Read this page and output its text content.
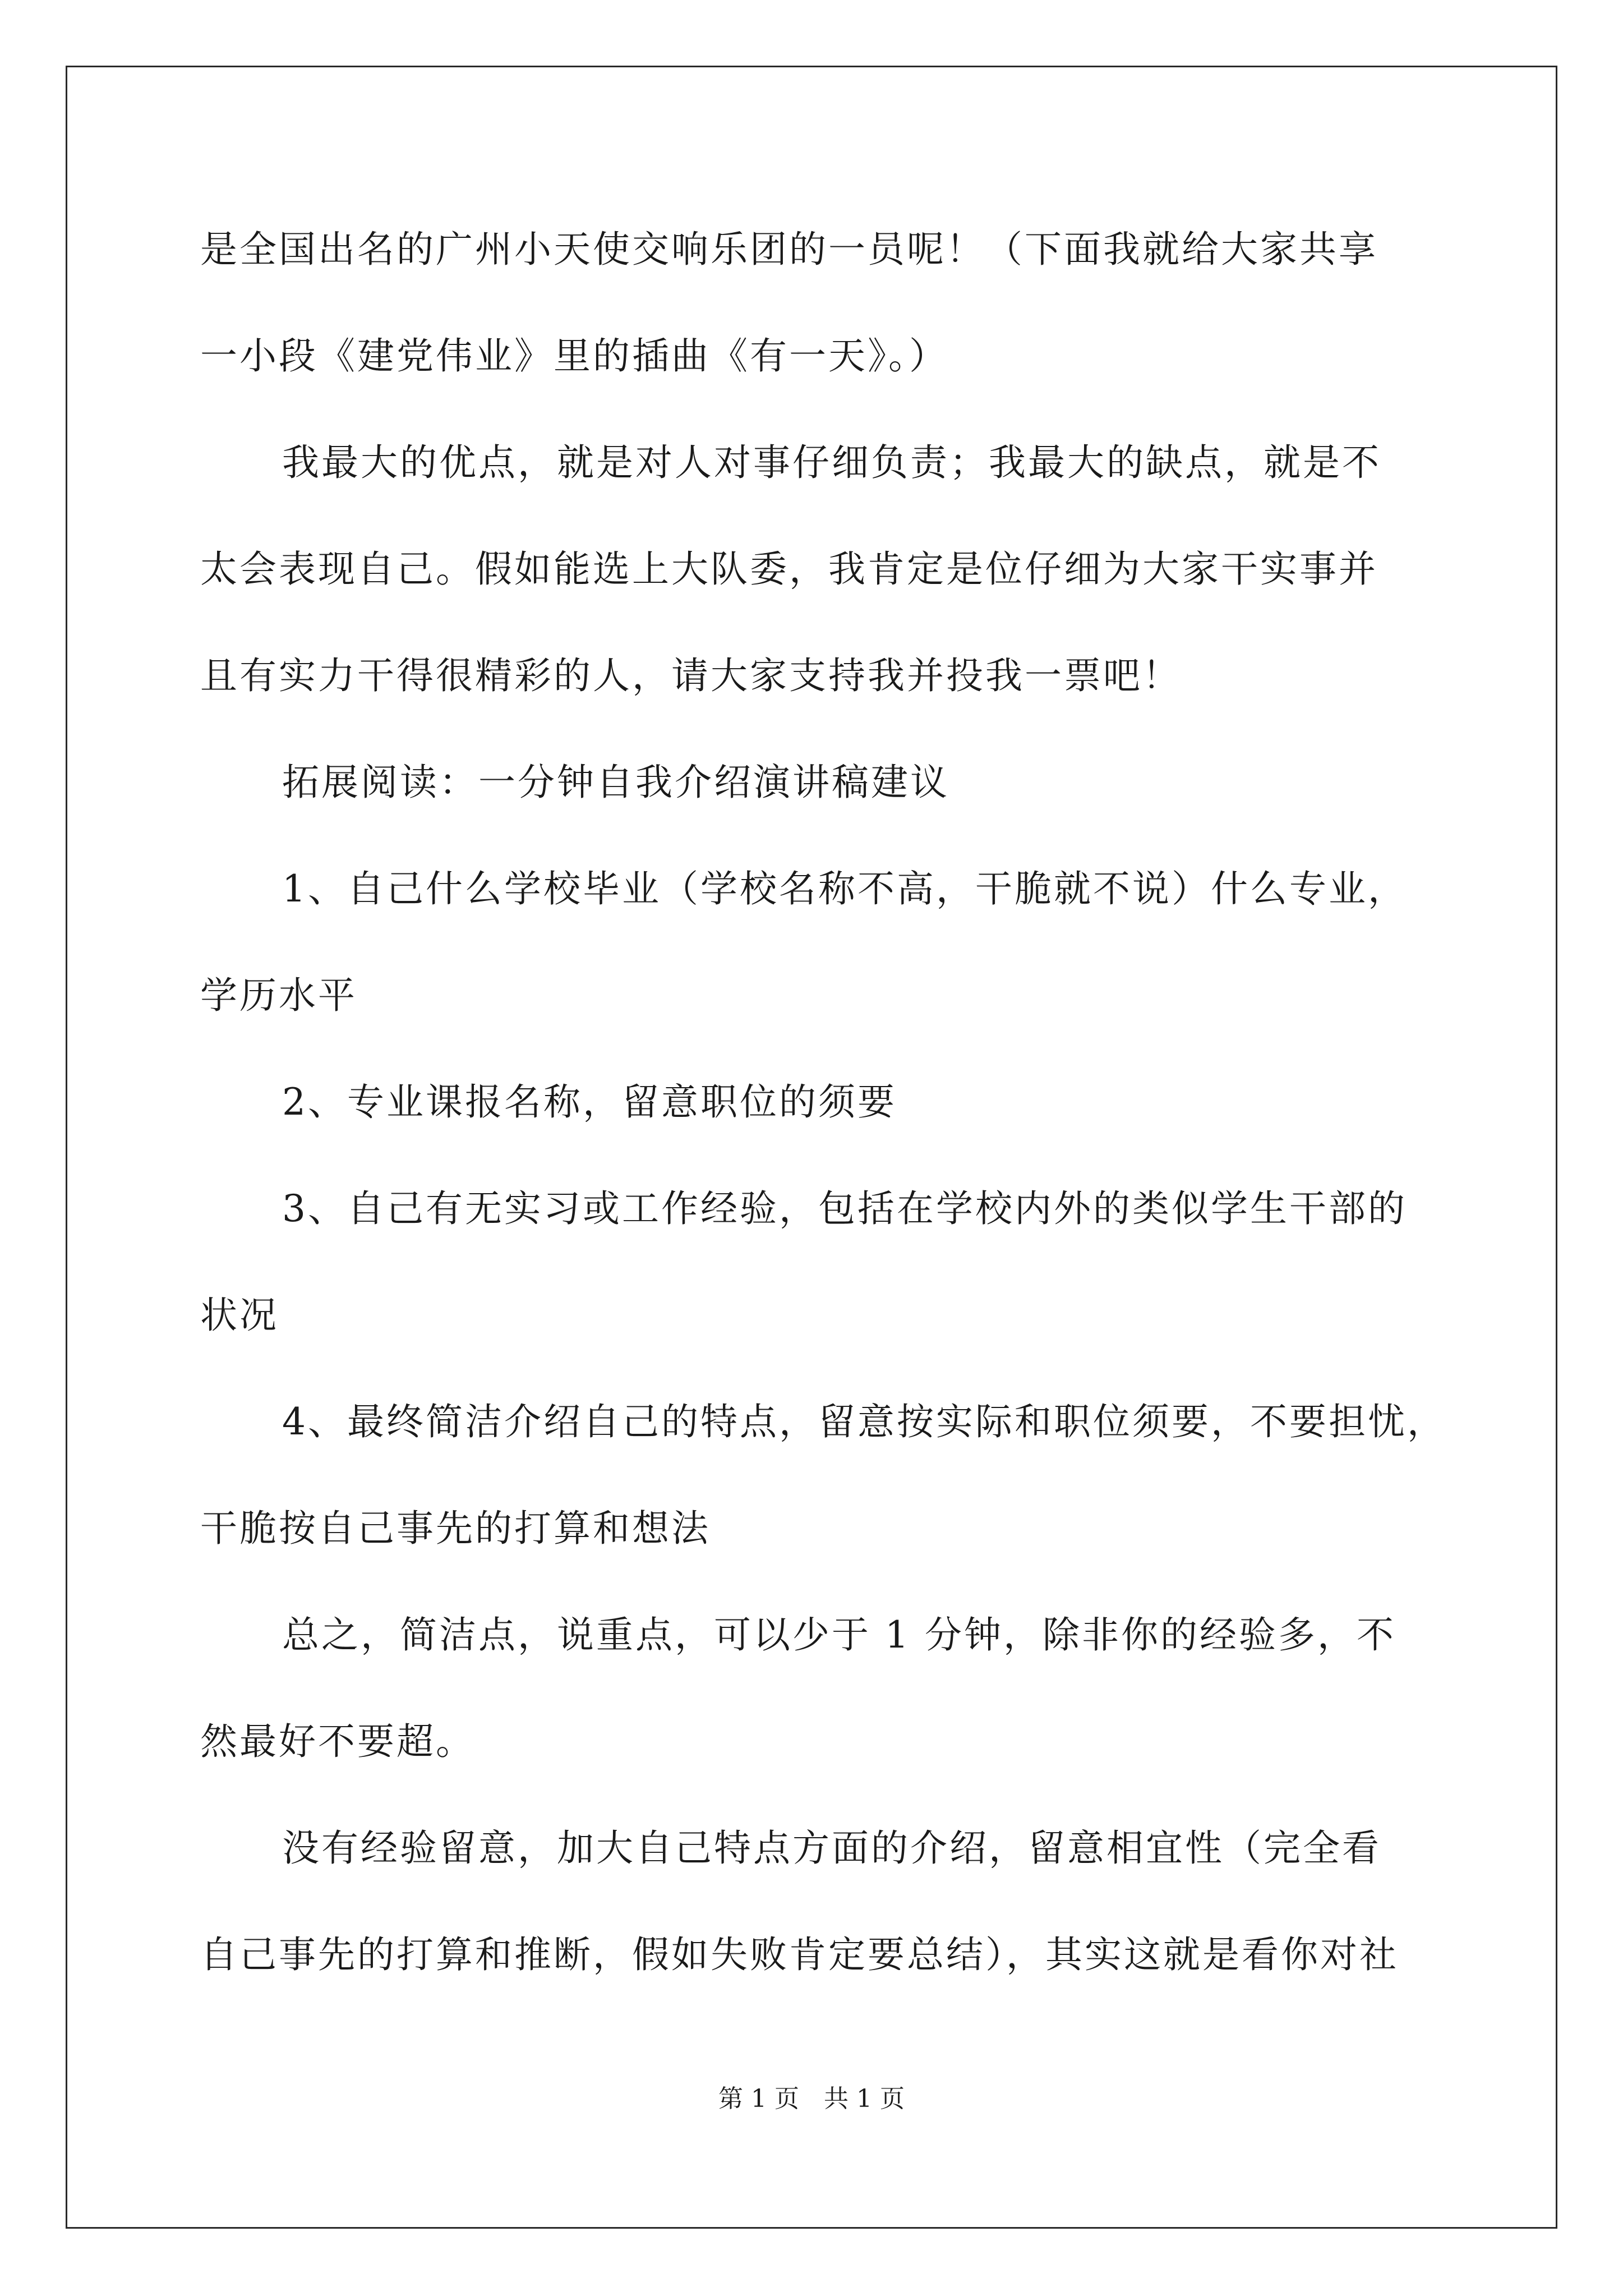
是全国出名的广州小天使交响乐团的一员呢！（下面我就给大家共享
一小段《建党伟业》里的插曲《有一天》。）
我最大的优点，就是对人对事仔细负责；我最大的缺点，就是不
太会表现自己。假如能选上大队委，我肯定是位仔细为大家干实事并
且有实力干得很精彩的人，请大家支持我并投我一票吧！
拓展阅读：一分钟自我介绍演讲稿建议
1、自己什么学校毕业（学校名称不高，干脆就不说）什么专业，
学历水平
2、专业课报名称，留意职位的须要
3、自己有无实习或工作经验，包括在学校内外的类似学生干部的
状况
4、最终简洁介绍自己的特点，留意按实际和职位须要，不要担忧，
干脆按自己事先的打算和想法
总之，简洁点，说重点，可以少于 1 分钟，除非你的经验多，不
然最好不要超。
没有经验留意，加大自己特点方面的介绍，留意相宜性（完全看
自己事先的打算和推断，假如失败肯定要总结），其实这就是看你对社
第 1 页　共 1 页
